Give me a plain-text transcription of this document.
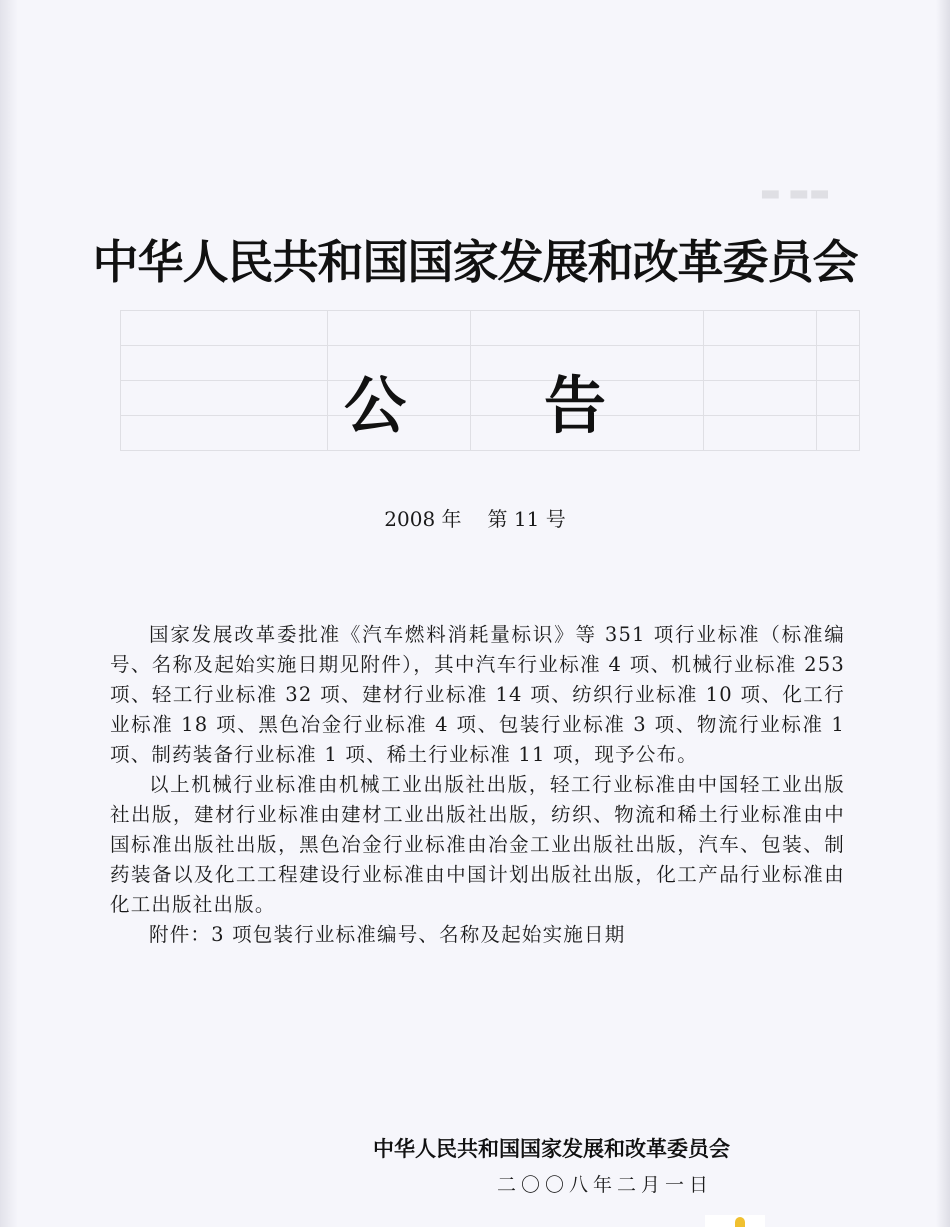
▬▬ ▬

中华人民共和国国家发展和改革委员会
公 告
2008 年 第 11 号

国家发展改革委批准《汽车燃料消耗量标识》等 351 项行业标准（标准编号、名称及起始实施日期见附件），其中汽车行业标准 4 项、机械行业标准 253 项、轻工行业标准 32 项、建材行业标准 14 项、纺织行业标准 10 项、化工行业标准 18 项、黑色冶金行业标准 4 项、包装行业标准 3 项、物流行业标准 1 项、制药装备行业标准 1 项、稀土行业标准 11 项，现予公布。

以上机械行业标准由机械工业出版社出版，轻工行业标准由中国轻工业出版社出版，建材行业标准由建材工业出版社出版，纺织、物流和稀土行业标准由中国标准出版社出版，黑色冶金行业标准由冶金工业出版社出版，汽车、包装、制药装备以及化工工程建设行业标准由中国计划出版社出版，化工产品行业标准由化工出版社出版。

附件：3 项包装行业标准编号、名称及起始实施日期

中华人民共和国国家发展和改革委员会
二〇〇八年二月一日
